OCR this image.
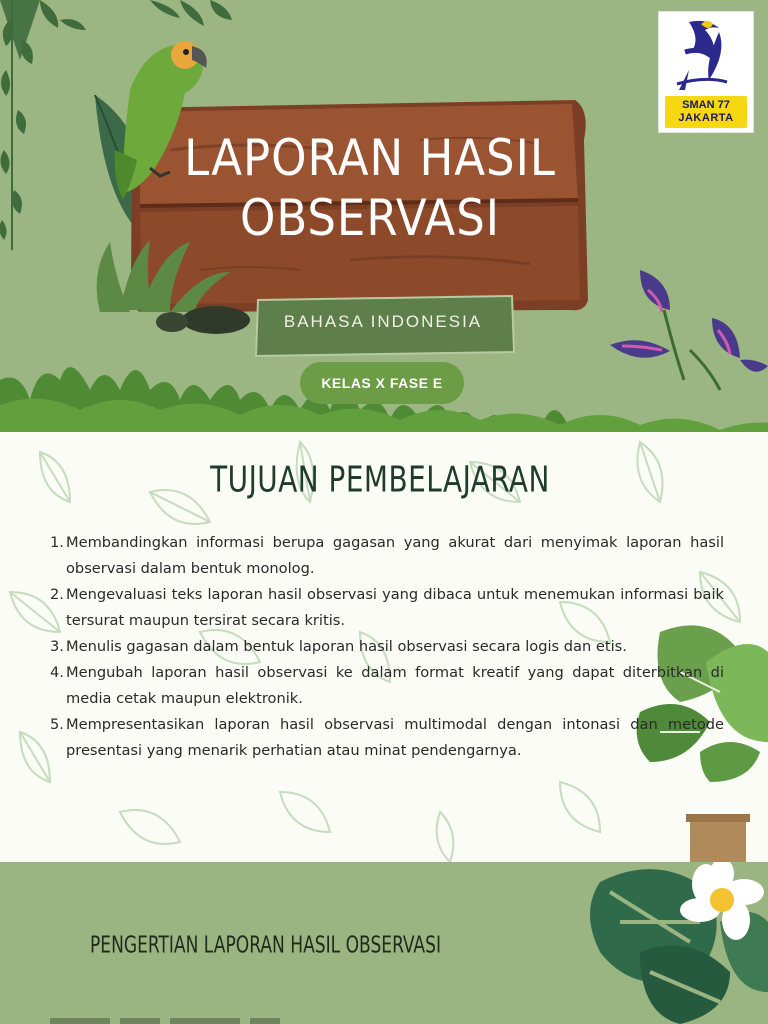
LAPORAN HASIL
OBSERVASI
BAHASA INDONESIA
KELAS X FASE E
SMAN 77
JAKARTA
TUJUAN PEMBELAJARAN
1. Membandingkan informasi berupa gagasan yang akurat dari menyimak laporan hasil observasi dalam bentuk monolog.
2. Mengevaluasi teks laporan hasil observasi yang dibaca untuk menemukan informasi baik tersurat maupun tersirat secara kritis.
3. Menulis gagasan dalam bentuk laporan hasil observasi secara logis dan etis.
4. Mengubah laporan hasil observasi ke dalam format kreatif yang dapat diterbitkan di media cetak maupun elektronik.
5. Mempresentasikan laporan hasil observasi multimodal dengan intonasi dan metode presentasi yang menarik perhatian atau minat pendengarnya.
PENGERTIAN LAPORAN HASIL OBSERVASI
